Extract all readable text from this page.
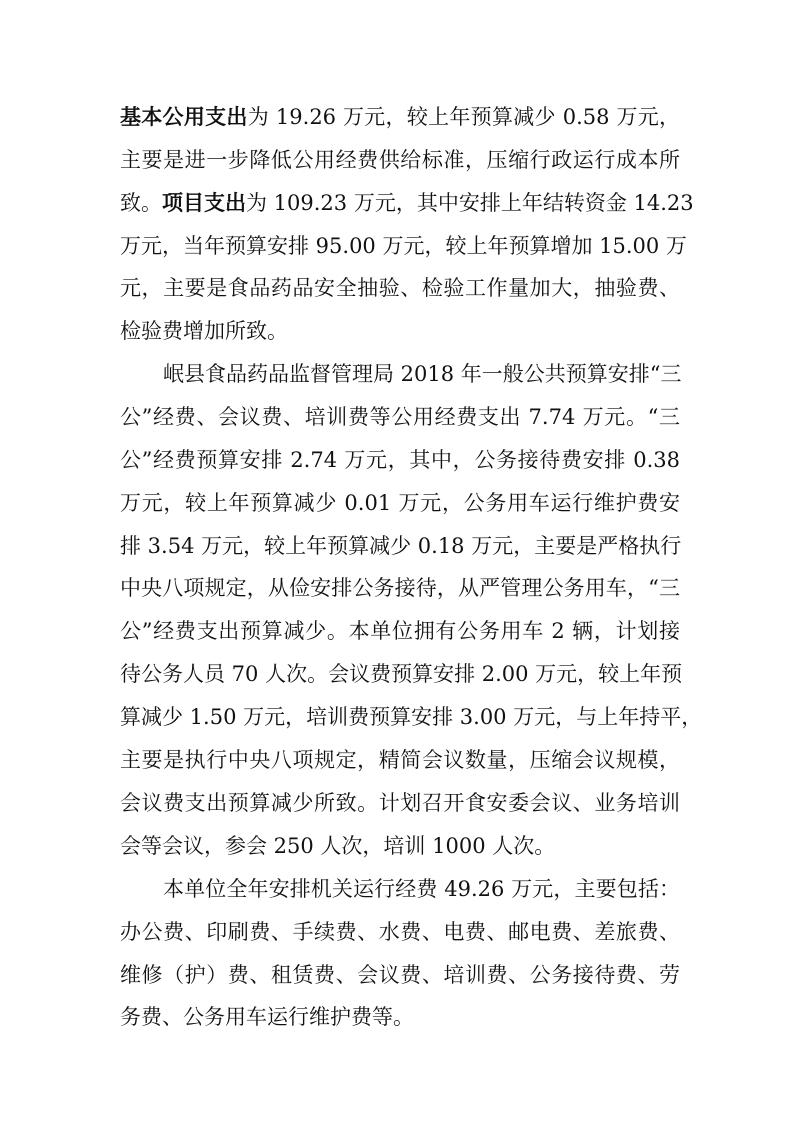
基本公用支出为 19.26 万元，较上年预算减少 0.58 万元，
主要是进一步降低公用经费供给标准，压缩行政运行成本所
致。项目支出为 109.23 万元，其中安排上年结转资金 14.23
万元，当年预算安排 95.00 万元，较上年预算增加 15.00 万
元，主要是食品药品安全抽验、检验工作量加大，抽验费、
检验费增加所致。
岷县食品药品监督管理局 2018 年一般公共预算安排“三
公”经费、会议费、培训费等公用经费支出 7.74 万元。“三
公”经费预算安排 2.74 万元，其中，公务接待费安排 0.38
万元，较上年预算减少 0.01 万元，公务用车运行维护费安
排 3.54 万元，较上年预算减少 0.18 万元，主要是严格执行
中央八项规定，从俭安排公务接待，从严管理公务用车，“三
公”经费支出预算减少。本单位拥有公务用车 2 辆，计划接
待公务人员 70 人次。会议费预算安排 2.00 万元，较上年预
算减少 1.50 万元，培训费预算安排 3.00 万元，与上年持平，
主要是执行中央八项规定，精简会议数量，压缩会议规模，
会议费支出预算减少所致。计划召开食安委会议、业务培训
会等会议，参会 250 人次，培训 1000 人次。
本单位全年安排机关运行经费 49.26 万元，主要包括：
办公费、印刷费、手续费、水费、电费、邮电费、差旅费、
维修（护）费、租赁费、会议费、培训费、公务接待费、劳
务费、公务用车运行维护费等。
